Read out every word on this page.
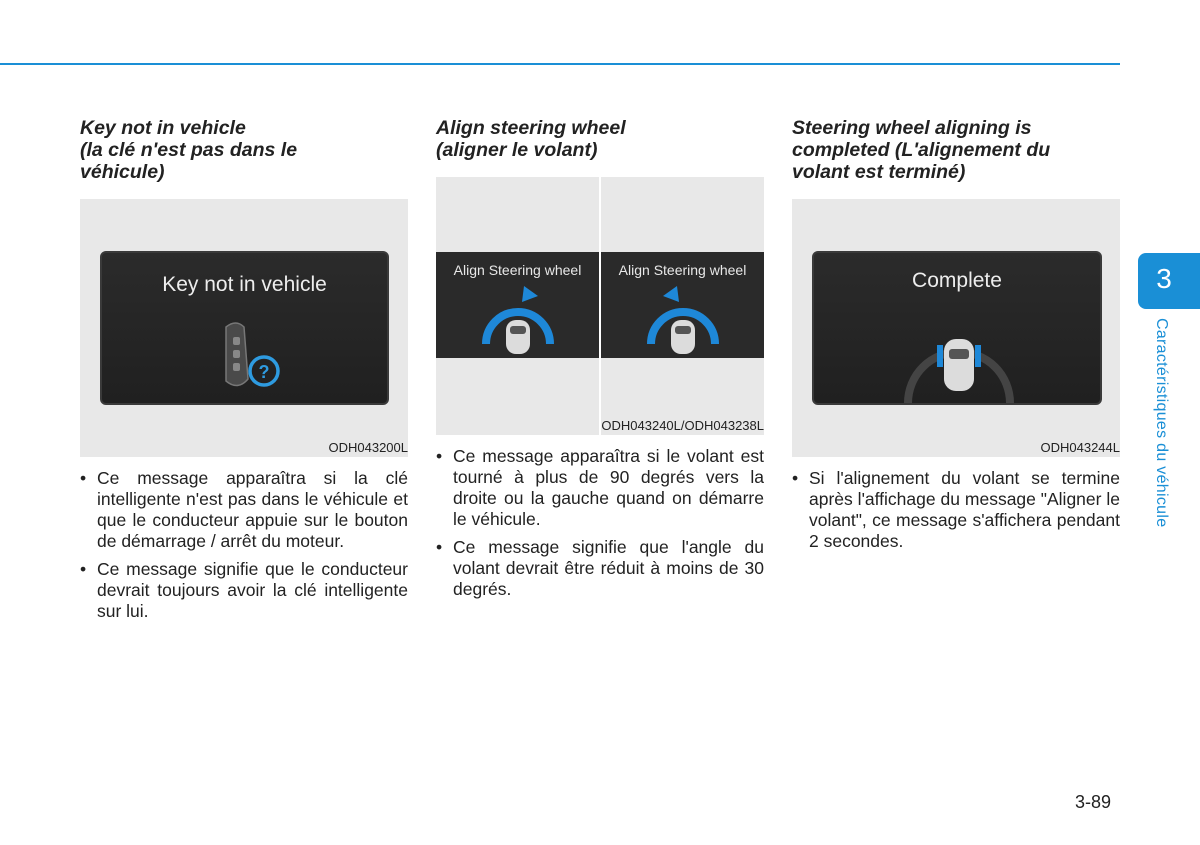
Key not in vehicle
(la clé n'est pas dans le
véhicule)
Key not in vehicle
?
ODH043200L
• Ce message apparaîtra si la clé intelligente n'est pas dans le véhicule et que le conducteur appuie sur le bouton de démarrage / arrêt du moteur.
• Ce message signifie que le conducteur devrait toujours avoir la clé intelligente sur lui.
Align steering wheel
(aligner le volant)
Align Steering wheel	Align Steering wheel
ODH043240L/ODH043238L
• Ce message apparaîtra si le volant est tourné à plus de 90 degrés vers la droite ou la gauche quand on démarre le véhicule.
• Ce message signifie que l'angle du volant devrait être réduit à moins de 30 degrés.
Steering wheel aligning is
completed (L'alignement du
volant est terminé)
Complete
ODH043244L
• Si l'alignement du volant se termine après l'affichage du message "Aligner le volant", ce message s'affichera pendant 2 secondes.
3
Caractéristiques du véhicule
3-89
